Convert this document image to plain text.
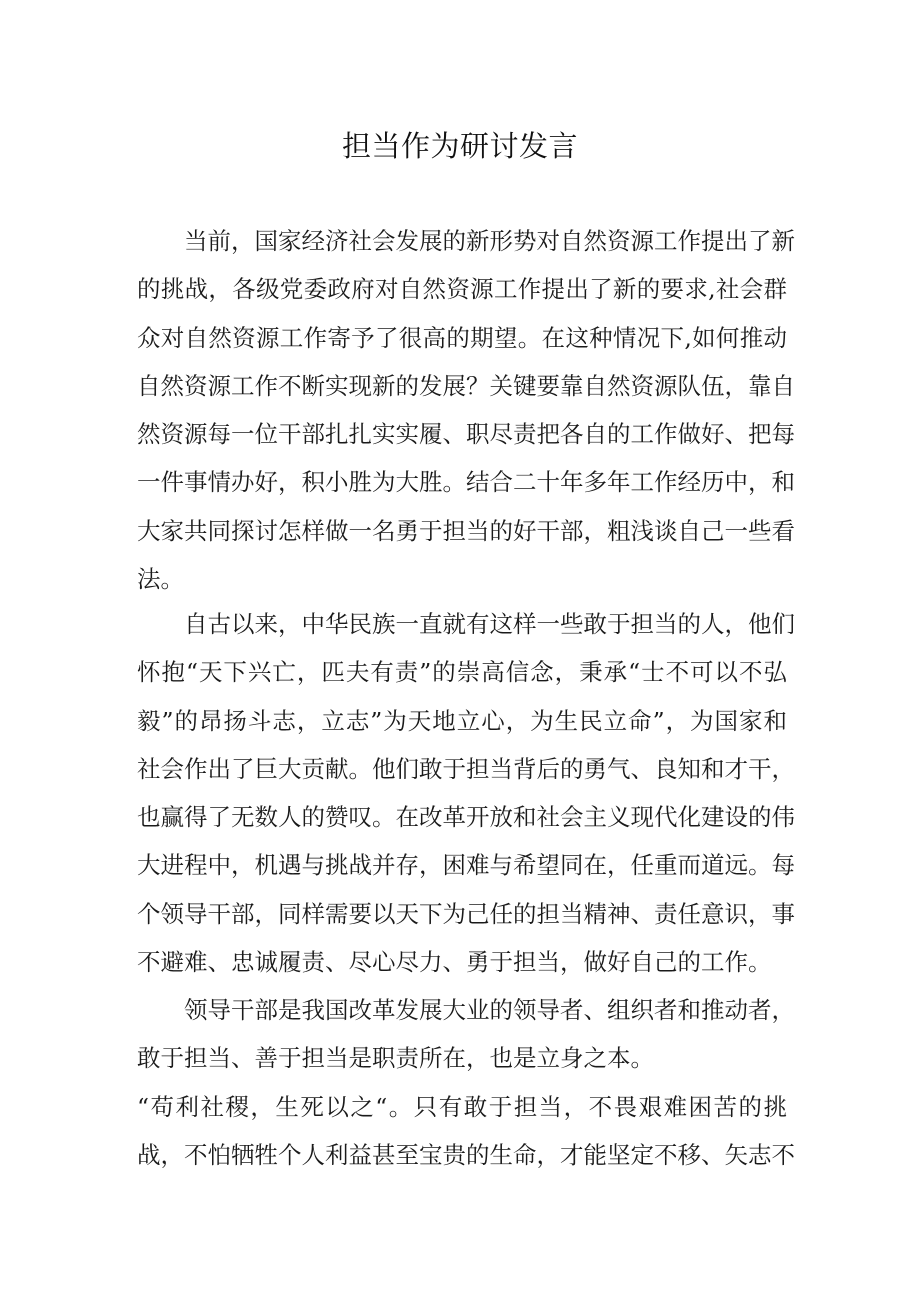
担当作为研讨发言
当前，国家经济社会发展的新形势对自然资源工作提出了新
的挑战，各级党委政府对自然资源工作提出了新的要求,社会群
众对自然资源工作寄予了很高的期望。在这种情况下,如何推动
自然资源工作不断实现新的发展？关键要靠自然资源队伍，靠自
然资源每一位干部扎扎实实履、职尽责把各自的工作做好、把每
一件事情办好，积小胜为大胜。结合二十年多年工作经历中，和
大家共同探讨怎样做一名勇于担当的好干部，粗浅谈自己一些看
法。
自古以来，中华民族一直就有这样一些敢于担当的人，他们
怀抱“天下兴亡，匹夫有责”的崇高信念，秉承“士不可以不弘
毅”的昂扬斗志，立志”为天地立心，为生民立命”，为国家和
社会作出了巨大贡献。他们敢于担当背后的勇气、良知和才干，
也赢得了无数人的赞叹。在改革开放和社会主义现代化建设的伟
大进程中，机遇与挑战并存，困难与希望同在，任重而道远。每
个领导干部，同样需要以天下为己任的担当精神、责任意识，事
不避难、忠诚履责、尽心尽力、勇于担当，做好自己的工作。
领导干部是我国改革发展大业的领导者、组织者和推动者，
敢于担当、善于担当是职责所在，也是立身之本。
“苟利社稷，生死以之“。只有敢于担当，不畏艰难困苦的挑
战，不怕牺牲个人利益甚至宝贵的生命，才能坚定不移、矢志不
